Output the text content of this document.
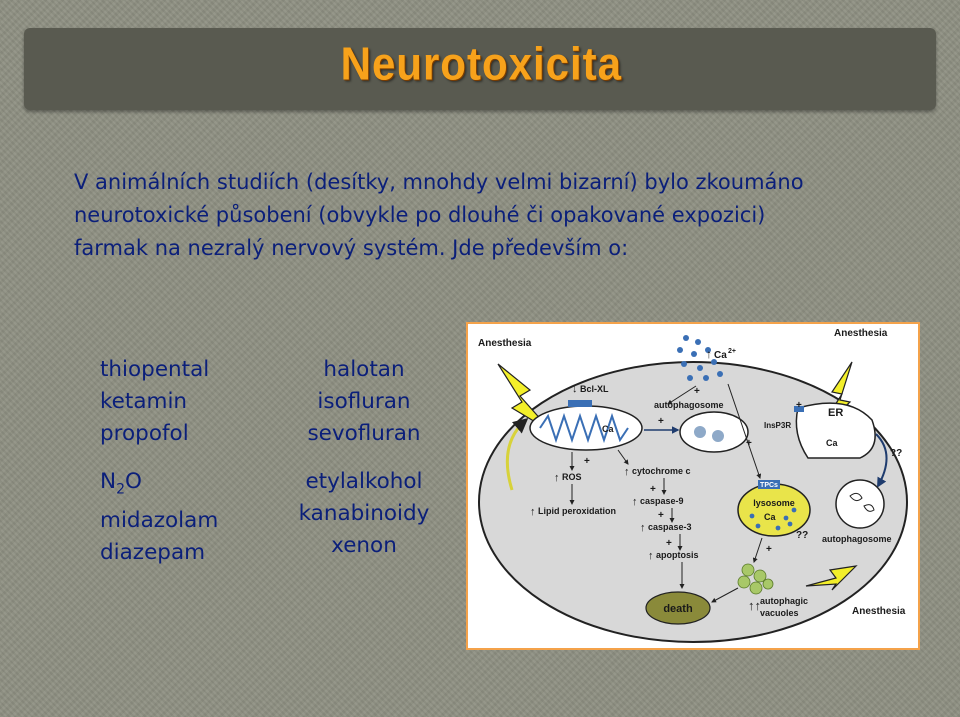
Neurotoxicita
V animálních studiích (desítky, mnohdy velmi bizarní) bylo zkoumáno neurotoxické působení (obvykle po dlouhé či opakované expozici) farmak na nezralý nervový systém. Jde především o:
thiopental
ketamin
propofol
$N_2O$
midazolam
diazepam
halotan
isofluran
sevofluran
etylalkohol
kanabinoidy
xenon
Anesthesia
Anesthesia
Anesthesia
Ca 2+
↑
Bcl-XL
↓
Ca
autophagosome
+
ER
Ca
InsP3R
??
ROS
↑
Lipid peroxidation
↑
cytochrome c
↑
caspase-9
↑
caspase-3
↑
apoptosis
↑
TPCs
lysosome
Ca
??
+
autophagosome
autophagic
vacuoles
↑↑
+
death
+
+
+
+
+
+
